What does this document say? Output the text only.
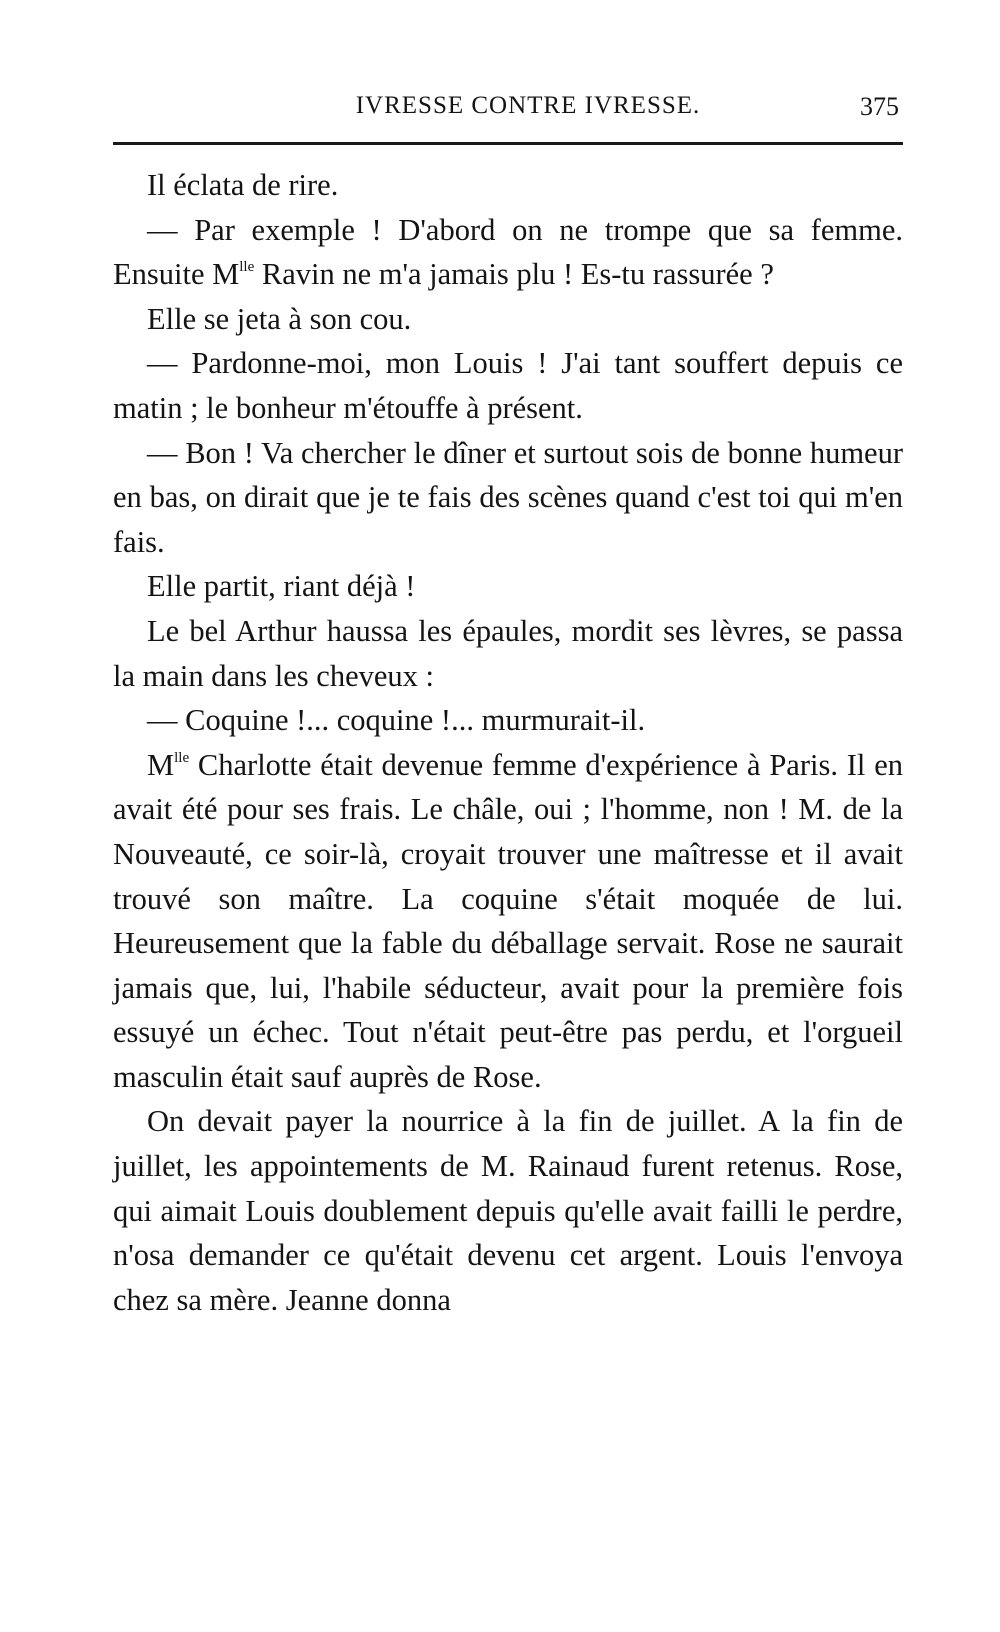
IVRESSE CONTRE IVRESSE.	375

Il éclata de rire.

— Par exemple ! D'abord on ne trompe que sa femme. Ensuite $M^{lle}$ Ravin ne m'a jamais plu ! Es-tu rassurée ?

Elle se jeta à son cou.

— Pardonne-moi, mon Louis ! J'ai tant souffert depuis ce matin ; le bonheur m'étouffe à présent.

— Bon ! Va chercher le dîner et surtout sois de bonne humeur en bas, on dirait que je te fais des scènes quand c'est toi qui m'en fais.

Elle partit, riant déjà !

Le bel Arthur haussa les épaules, mordit ses lèvres, se passa la main dans les cheveux :

— Coquine !... coquine !... murmurait-il.

$M^{lle}$ Charlotte était devenue femme d'expérience à Paris. Il en avait été pour ses frais. Le châle, oui ; l'homme, non ! M. de la Nouveauté, ce soir-là, croyait trouver une maîtresse et il avait trouvé son maître. La coquine s'était moquée de lui. Heureusement que la fable du déballage servait. Rose ne saurait jamais que, lui, l'habile séducteur, avait pour la première fois essuyé un échec. Tout n'était peut-être pas perdu, et l'orgueil masculin était sauf auprès de Rose.

On devait payer la nourrice à la fin de juillet. A la fin de juillet, les appointements de M. Rainaud furent retenus. Rose, qui aimait Louis doublement depuis qu'elle avait failli le perdre, n'osa demander ce qu'était devenu cet argent. Louis l'envoya chez sa mère. Jeanne donna
